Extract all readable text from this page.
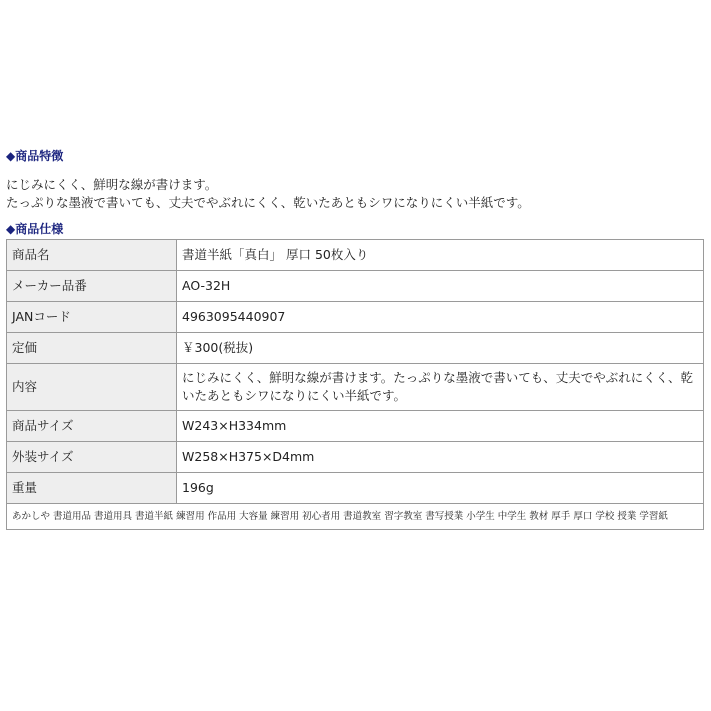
◆商品特徴
にじみにくく、鮮明な線が書けます。
たっぷりな墨液で書いても、丈夫でやぶれにくく、乾いたあともシワになりにくい半紙です。
◆商品仕様
商品名	書道半紙「真白」 厚口 50枚入り
メーカー品番	AO-32H
JANコード	4963095440907
定価	￥300(税抜)
内容	にじみにくく、鮮明な線が書けます。たっぷりな墨液で書いても、丈夫でやぶれにくく、乾いたあともシワになりにくい半紙です。
商品サイズ	W243×H334mm
外装サイズ	W258×H375×D4mm
重量	196g
あかしや 書道用品 書道用具 書道半紙 練習用 作品用 大容量 練習用 初心者用 書道教室 習字教室 書写授業 小学生 中学生 教材 厚手 厚口 学校 授業 学習紙	
